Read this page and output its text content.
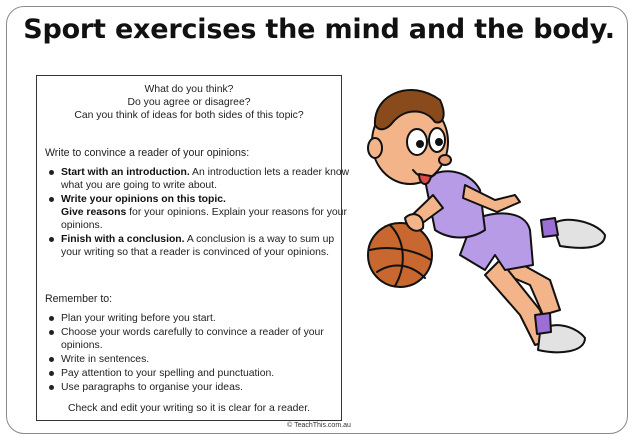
Sport exercises the mind and the body.
What do you think?
Do you agree or disagree?
Can you think of ideas for both sides of this topic?
Write to convince a reader of your opinions:
Start with an introduction. An introduction lets a reader know what you are going to write about.
Write your opinions on this topic.
Give reasons for your opinions. Explain your reasons for your opinions.
Finish with a conclusion. A conclusion is a way to sum up your writing so that a reader is convinced of your opinions.
Remember to:
Plan your writing before you start.
Choose your words carefully to convince a reader of your opinions.
Write in sentences.
Pay attention to your spelling and punctuation.
Use paragraphs to organise your ideas.
Check and edit your writing so it is clear for a reader.
© TeachThis.com.au
